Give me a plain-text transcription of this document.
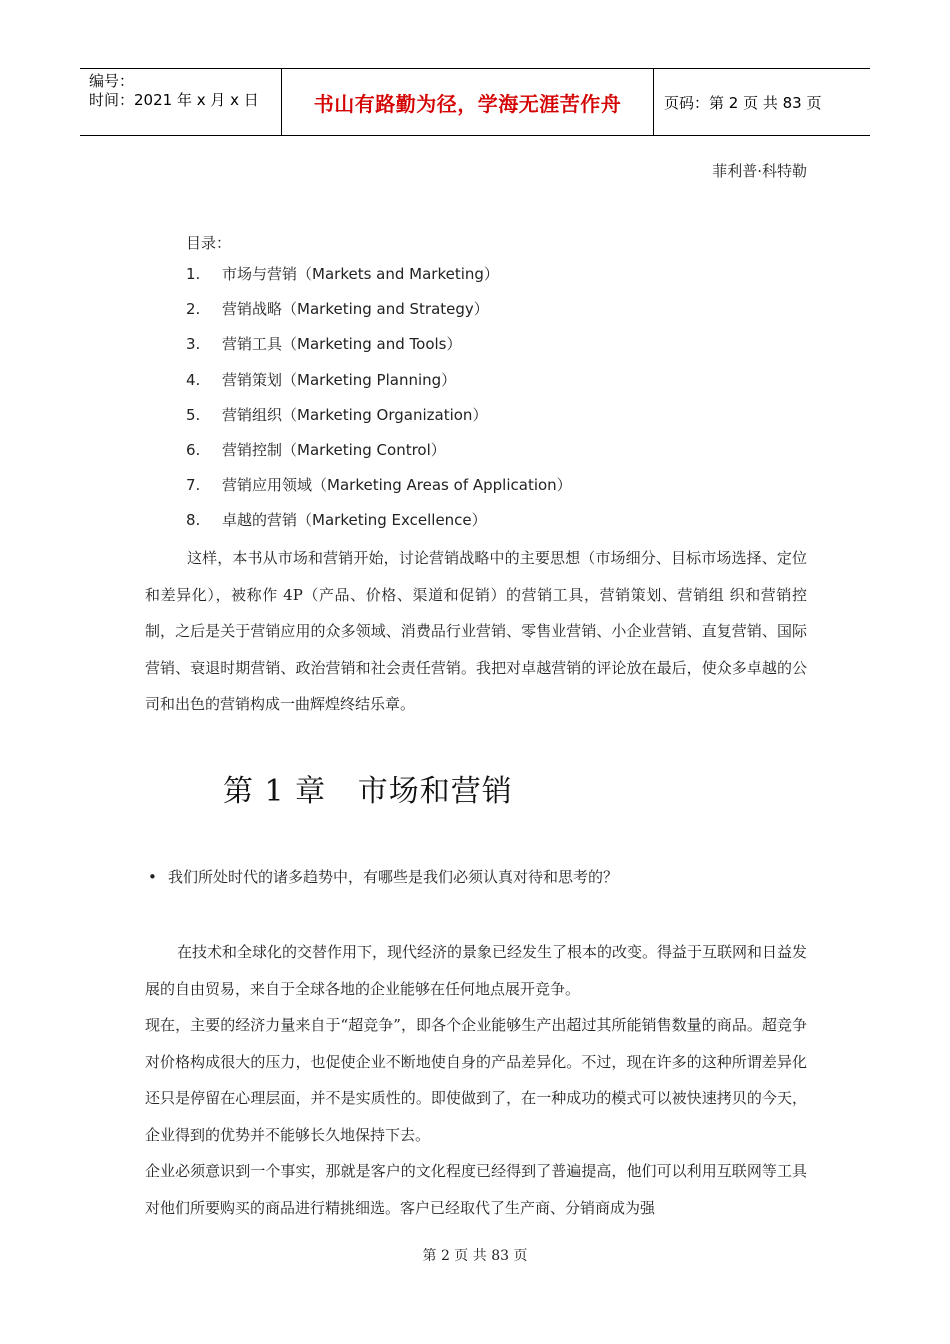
编号：
时间：2021 年 x 月 x 日	书山有路勤为径，学海无涯苦作舟	页码：第 2 页 共 83 页
菲利普·科特勒
目录：
1. 市场与营销（Markets and Marketing）
2. 营销战略（Marketing and Strategy）
3. 营销工具（Marketing and Tools）
4. 营销策划（Marketing Planning）
5. 营销组织（Marketing Organization）
6. 营销控制（Marketing Control）
7. 营销应用领域（Marketing Areas of Application）
8. 卓越的营销（Marketing Excellence）

这样，本书从市场和营销开始，讨论营销战略中的主要思想（市场细分、目标市场选择、定位和差异化），被称作 4P（产品、价格、渠道和促销）的营销工具，营销策划、营销组 织和营销控制，之后是关于营销应用的众多领域、消费品行业营销、零售业营销、小企业营销、直复营销、国际营销、衰退时期营销、政治营销和社会责任营销。我把对卓越营销的评论放在最后，使众多卓越的公司和出色的营销构成一曲辉煌终结乐章。

第 1 章   市场和营销
• 我们所处时代的诸多趋势中，有哪些是我们必须认真对待和思考的？

在技术和全球化的交替作用下，现代经济的景象已经发生了根本的改变。得益于互联网和日益发展的自由贸易，来自于全球各地的企业能够在任何地点展开竞争。

现在，主要的经济力量来自于“超竞争”，即各个企业能够生产出超过其所能销售数量的商品。超竞争对价格构成很大的压力，也促使企业不断地使自身的产品差异化。不过，现在许多的这种所谓差异化还只是停留在心理层面，并不是实质性的。即使做到了，在一种成功的模式可以被快速拷贝的今天，企业得到的优势并不能够长久地保持下去。

企业必须意识到一个事实，那就是客户的文化程度已经得到了普遍提高，他们可以利用互联网等工具对他们所要购买的商品进行精挑细选。客户已经取代了生产商、分销商成为强

第 2 页 共 83 页
